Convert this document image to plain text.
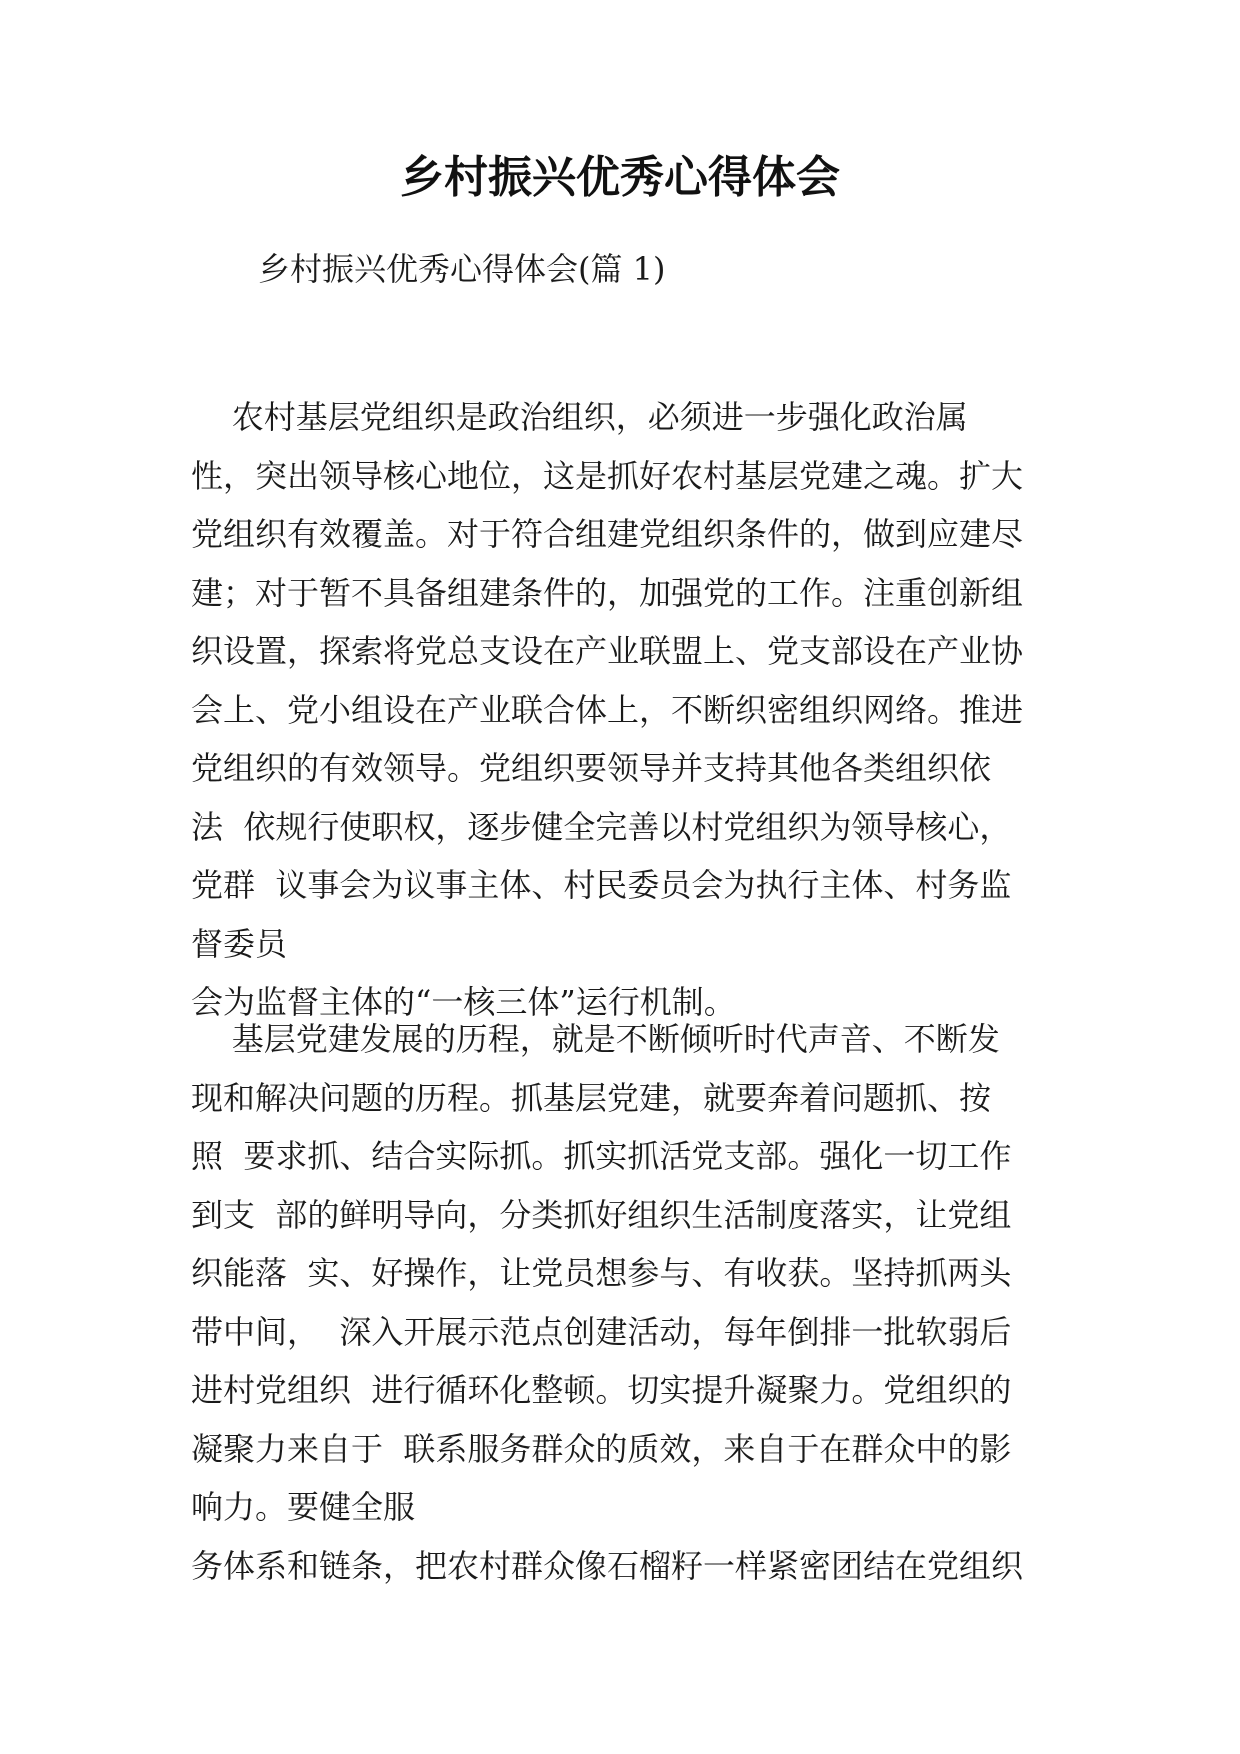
乡村振兴优秀心得体会

乡村振兴优秀心得体会(篇 1)

农村基层党组织是政治组织，必须进一步强化政治属
性，突出领导核心地位，这是抓好农村基层党建之魂。扩大
党组织有效覆盖。对于符合组建党组织条件的，做到应建尽
建；对于暂不具备组建条件的，加强党的工作。注重创新组
织设置，探索将党总支设在产业联盟上、党支部设在产业协
会上、党小组设在产业联合体上，不断织密组织网络。推进
党组织的有效领导。党组织要领导并支持其他各类组织依
法  依规行使职权，逐步健全完善以村党组织为领导核心，
党群  议事会为议事主体、村民委员会为执行主体、村务监
督委员
会为监督主体的“一核三体”运行机制。
基层党建发展的历程，就是不断倾听时代声音、不断发
现和解决问题的历程。抓基层党建，就要奔着问题抓、按
照  要求抓、结合实际抓。抓实抓活党支部。强化一切工作
到支  部的鲜明导向，分类抓好组织生活制度落实，让党组
织能落  实、好操作，让党员想参与、有收获。坚持抓两头
带中间，  深入开展示范点创建活动，每年倒排一批软弱后
进村党组织  进行循环化整顿。切实提升凝聚力。党组织的
凝聚力来自于  联系服务群众的质效，来自于在群众中的影
响力。要健全服
务体系和链条，把农村群众像石榴籽一样紧密团结在党组织
